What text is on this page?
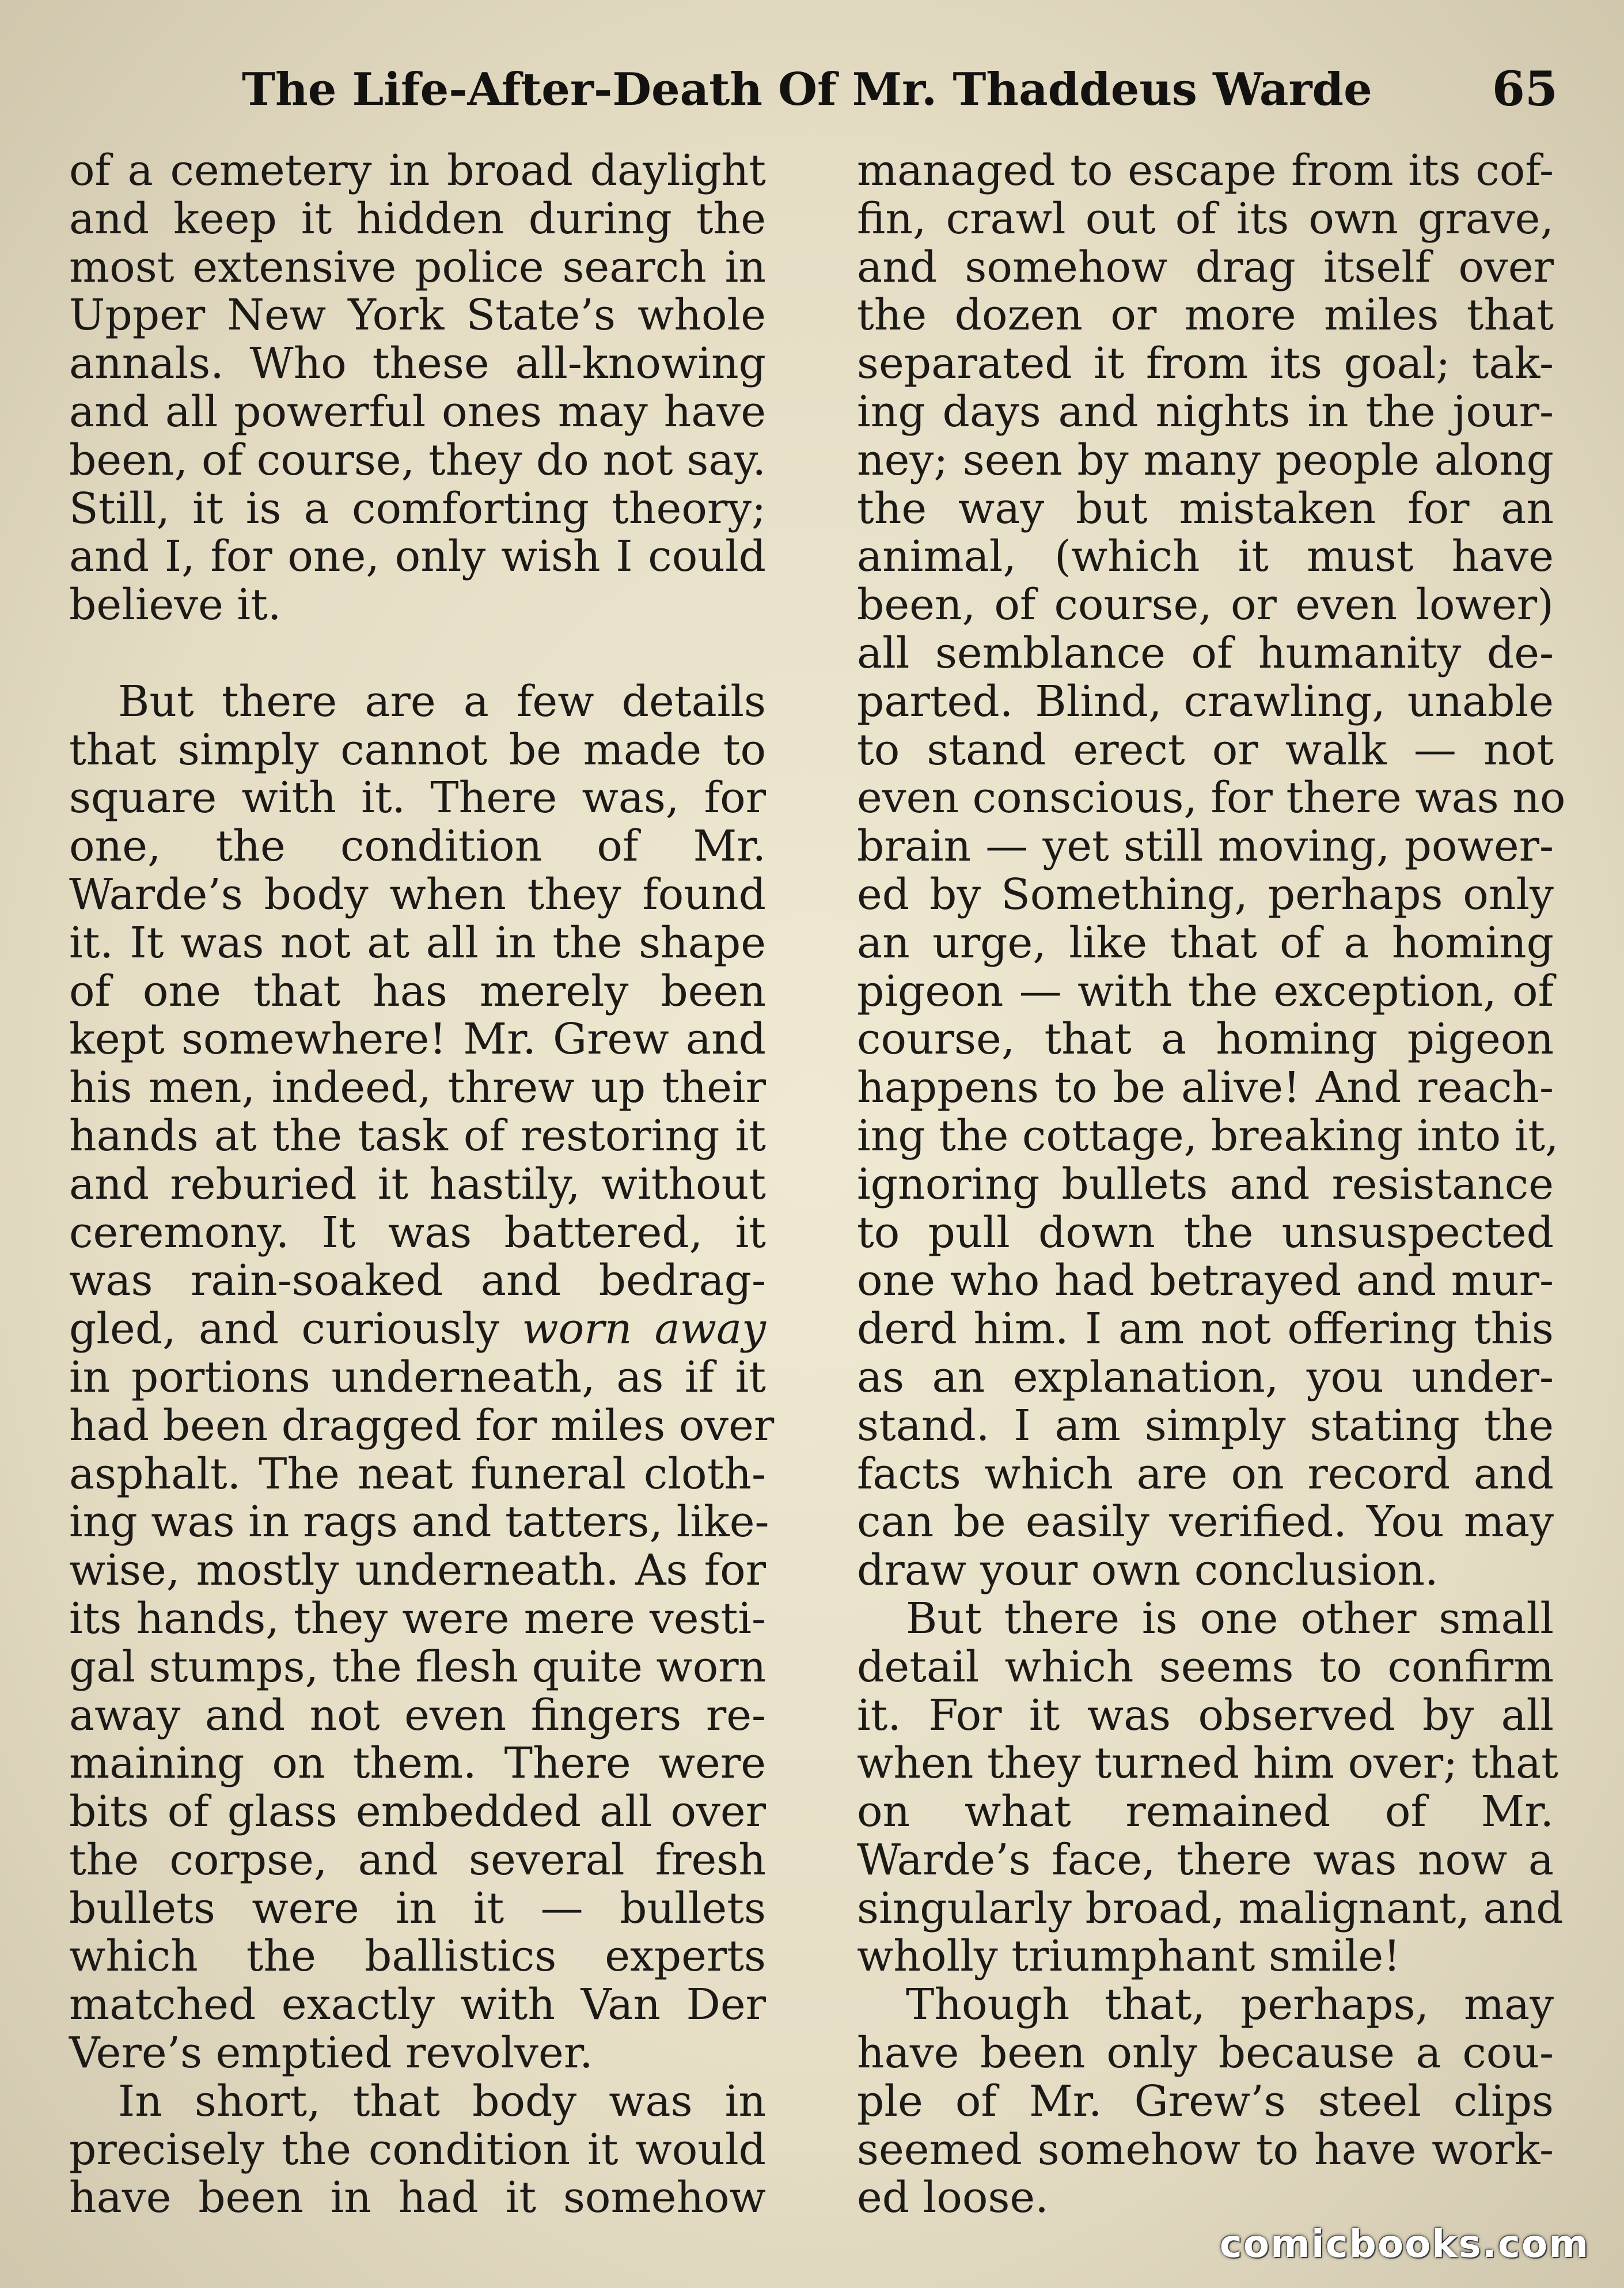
The Life-After-Death Of Mr. Thaddeus Warde	65
of a cemetery in broad daylight
and keep it hidden during the
most extensive police search in
Upper New York State’s whole
annals. Who these all-knowing
and all powerful ones may have
been, of course, they do not say.
Still, it is a comforting theory;
and I, for one, only wish I could
believe it.
But there are a few details
that simply cannot be made to
square with it. There was, for
one, the condition of Mr.
Warde’s body when they found
it. It was not at all in the shape
of one that has merely been
kept somewhere! Mr. Grew and
his men, indeed, threw up their
hands at the task of restoring it
and reburied it hastily, without
ceremony. It was battered, it
was rain-soaked and bedrag-
gled, and curiously worn away
in portions underneath, as if it
had been dragged for miles over
asphalt. The neat funeral cloth-
ing was in rags and tatters, like-
wise, mostly underneath. As for
its hands, they were mere vesti-
gal stumps, the flesh quite worn
away and not even fingers re-
maining on them. There were
bits of glass embedded all over
the corpse, and several fresh
bullets were in it — bullets
which the ballistics experts
matched exactly with Van Der
Vere’s emptied revolver.
In short, that body was in
precisely the condition it would
have been in had it somehow
managed to escape from its cof-
fin, crawl out of its own grave,
and somehow drag itself over
the dozen or more miles that
separated it from its goal; tak-
ing days and nights in the jour-
ney; seen by many people along
the way but mistaken for an
animal, (which it must have
been, of course, or even lower)
all semblance of humanity de-
parted. Blind, crawling, unable
to stand erect or walk — not
even conscious, for there was no
brain — yet still moving, power-
ed by Something, perhaps only
an urge, like that of a homing
pigeon — with the exception, of
course, that a homing pigeon
happens to be alive! And reach-
ing the cottage, breaking into it,
ignoring bullets and resistance
to pull down the unsuspected
one who had betrayed and mur-
derd him. I am not offering this
as an explanation, you under-
stand. I am simply stating the
facts which are on record and
can be easily verified. You may
draw your own conclusion.
But there is one other small
detail which seems to confirm
it. For it was observed by all
when they turned him over; that
on what remained of Mr.
Warde’s face, there was now a
singularly broad, malignant, and
wholly triumphant smile!
Though that, perhaps, may
have been only because a cou-
ple of Mr. Grew’s steel clips
seemed somehow to have work-
ed loose.
comicbooks.com
